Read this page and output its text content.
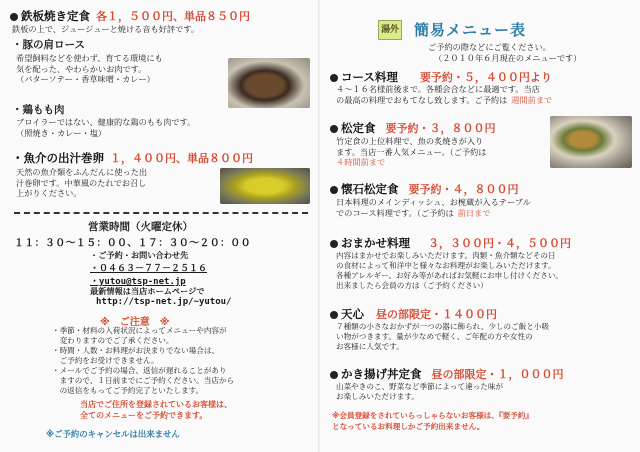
鉄板焼き定食 各１，５００円、単品８５０円
鉄板の上で、ジュージューと焼ける音も好評です。
・豚の肩ロース
希望飼料などを使わず、育てる環境にも
気を配った、やわらかいお肉です。
（バターソテー・香草味噌・カレー）
・鶏もも肉
ブロイラーではない、健康的な鶏のもも肉です。
（照焼き・カレー・塩）
・魚介の出汁巻卵 １，４００円、単品８００円
天然の魚介類をふんだんに使った出
汁巻卵です。中華風のたれでお召し
上がりください。
営業時間（火曜定休）
１１：３０～１５：００、１７：３０～２０：００
・ご予約・お問い合わせ先
・０４６３－７７－２５１６
・yutou@tsp-net.jp
最新情報は当店ホームページで
http://tsp-net.jp/~yutou/
※　ご注意　※
・季節・材料の入荷状況によってメニューや内容が
　変わりますのでご了承ください。
・時間・人数・お料理がお決まりでない場合は、
　ご予約をお受けできません。
・メールでご予約の場合、返信が遅れることがあり
　ますので、１日前までにご予約ください。当店から
　の返信をもってご予約完了といたします。
当店でご住所を登録されているお客様は、
全てのメニューをご予約できます。
※ご予約のキャンセルは出来ません
湯外 簡易メニュー表
ご予約の際などにご覧ください。
（２０１０年６月現在のメニューです）
コース料理 要予約・５，４００円より
４～１６名様前後まで。各種会合などに最適です。当店
の最高の料理でおもてなし致します。ご予約は 週間前まで
松定食 要予約・３，８００円
竹定食の上位料理で、魚の炙焼きが入り
ます。当店一番人気メニュー。（ご予約は
４時間前まで
懐石松定食 要予約・４，８００円
日本料理のメインディッシュ、お椀蔵が入るテーブル
でのコース料理です。（ご予約は 前日まで
おまかせ料理 ３，３００円・４，５００円
内容はまかせでお楽しみいただけます。肉類・魚介類などその日
の食材によって和洋中と様々なお料理がお楽しみいただけます。
各種アレルギー、お好み等があればお気軽にお申し付けください。
出来ましたら会員の方は（ご予約ください）
天心 昼の部限定・１４００円
７種類の小さなおかずが一つの器に飾られ、少しのご飯と小吸
い物がつきます。量が少なめで軽く、ご年配の方や女性の
お客様に人気です。
かき揚げ丼定食 昼の部限定・１，０００円
山菜やきのこ、野菜など季節によって違った味が
お楽しみいただけます。
※会員登録をされていらっしゃらないお客様は、『要予約』
となっているお料理しかご予約出来ません。
